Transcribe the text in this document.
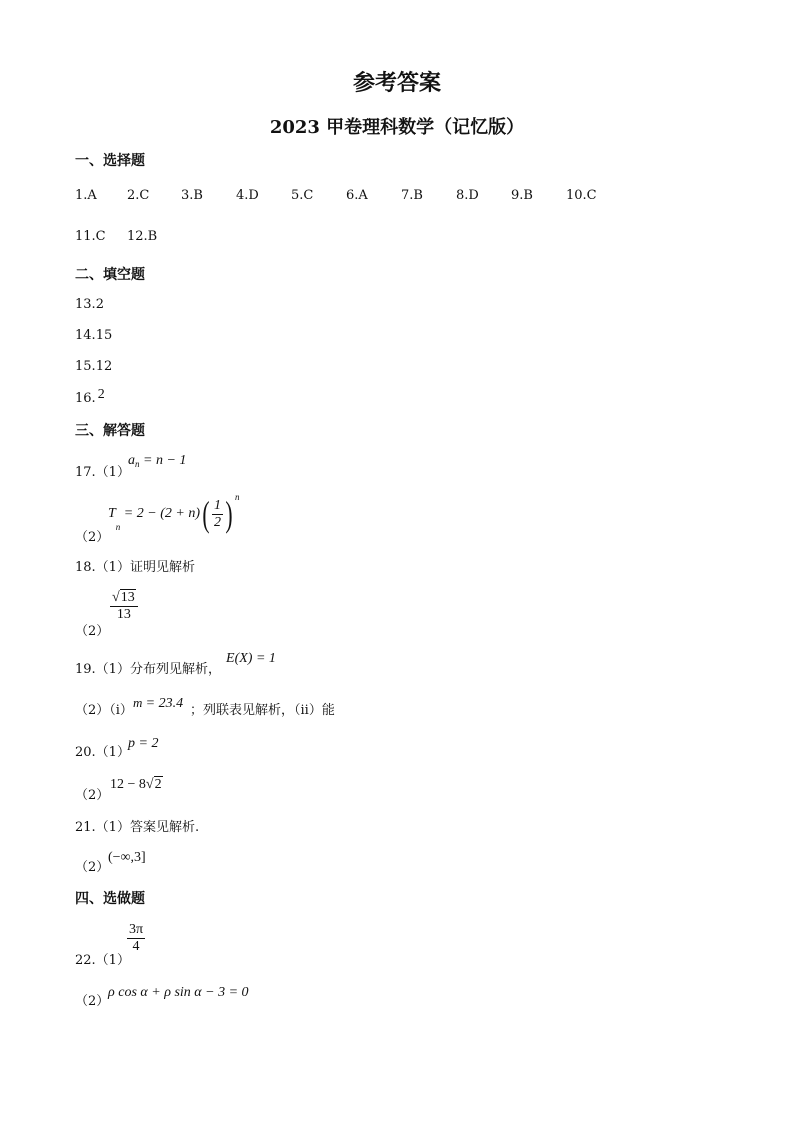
参考答案
2023 甲卷理科数学（记忆版）
一、选择题
1.A 2.C 3.B	4.D 5.C	6.A	7.B	8.D 9.B	10.C
11.C 12.B
二、填空题
13.2
14.15
15.12
16. 2
三、解答题
17.（1）
an = n − 1
（2）
$Tn = 2 - (2 + n)( \frac{1}{2}$ ) $^n$
18.（1）证明见解析
（2）
$\frac{√13}{13}$
19.（1）分布列见解析，
E(X) = 1
（2）（i）
m = 23.4 ；列联表见解析，（ii）能
20.（1）
p = 2
（2）
12 − 8√2
21.（1）答案见解析.
（2）
(−∞,3]
四、选做题
22.（1）
$\frac{3\pi}{4}$
（2）
ρ cos α + ρ sin α − 3 = 0
